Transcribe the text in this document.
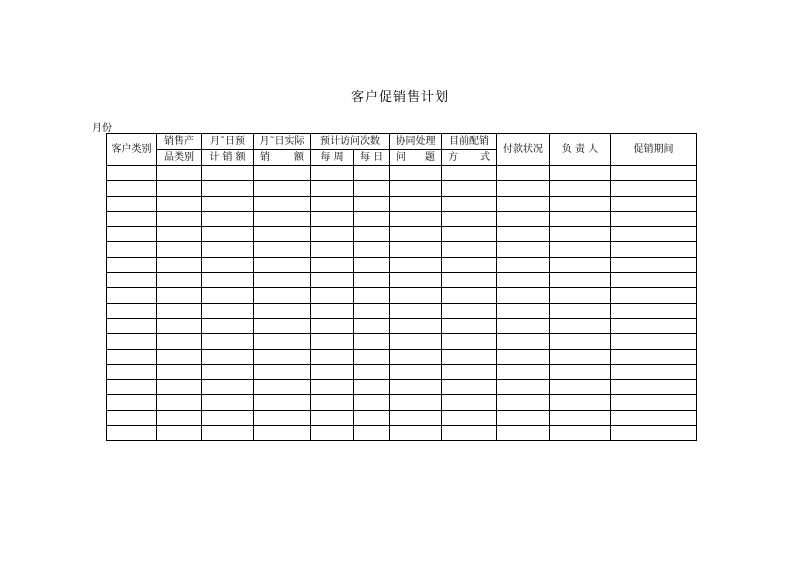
客户促销售计划
月份
客户类别	销售产	月˜日预	月˜日实际	预计访问次数		协同处理	目前配销	付款状况	负 责 人	促销期间
	品类别	计 销 额	销 额	每 周	每 日	问 题	方 式			
